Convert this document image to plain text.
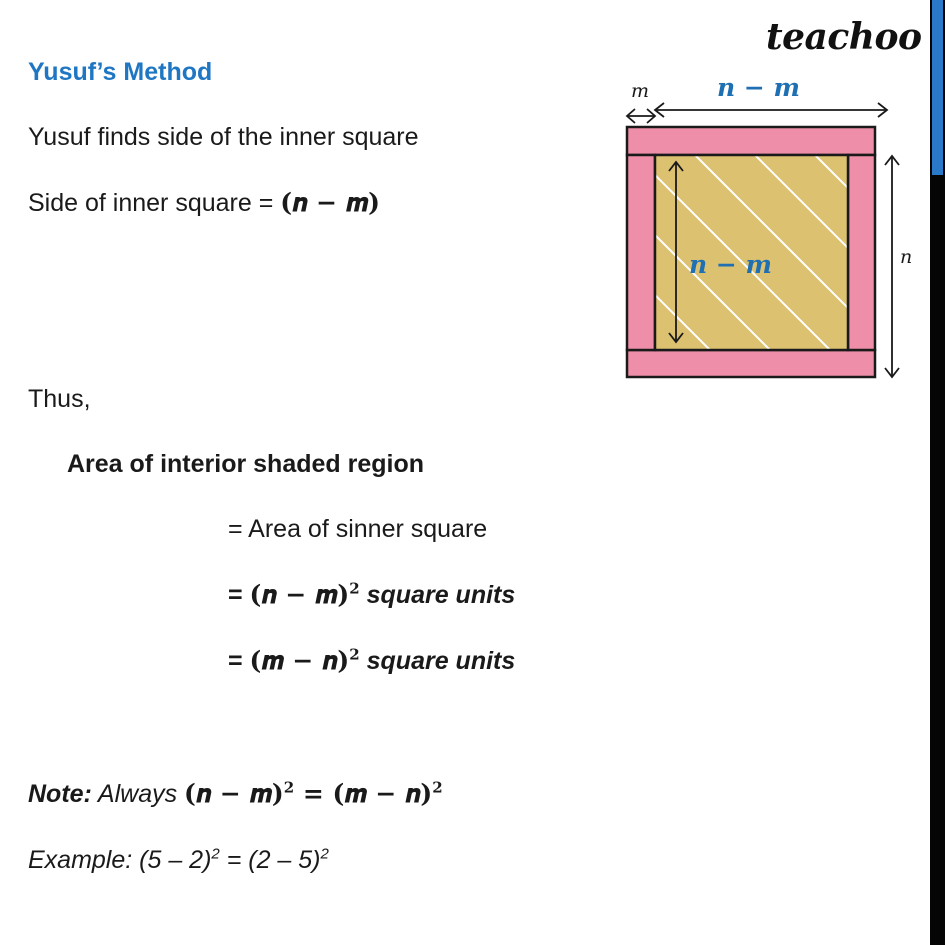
teachoo
Yusuf’s Method
Yusuf finds side of the inner square
Side of inner square = (𝒏 − 𝒎)
Thus,
Area of interior shaded region
= Area of sinner square
= (𝒏 − 𝒎)$^2$ square units
= (𝒎 − 𝒏)$^2$ square units
Note: Always (𝒏 − 𝒎)$^2$ = (𝒎 − 𝒏)$^2$
Example: (5 – 2)$^2$ = (2 – 5)$^2$
m	n − m
n − m	n
